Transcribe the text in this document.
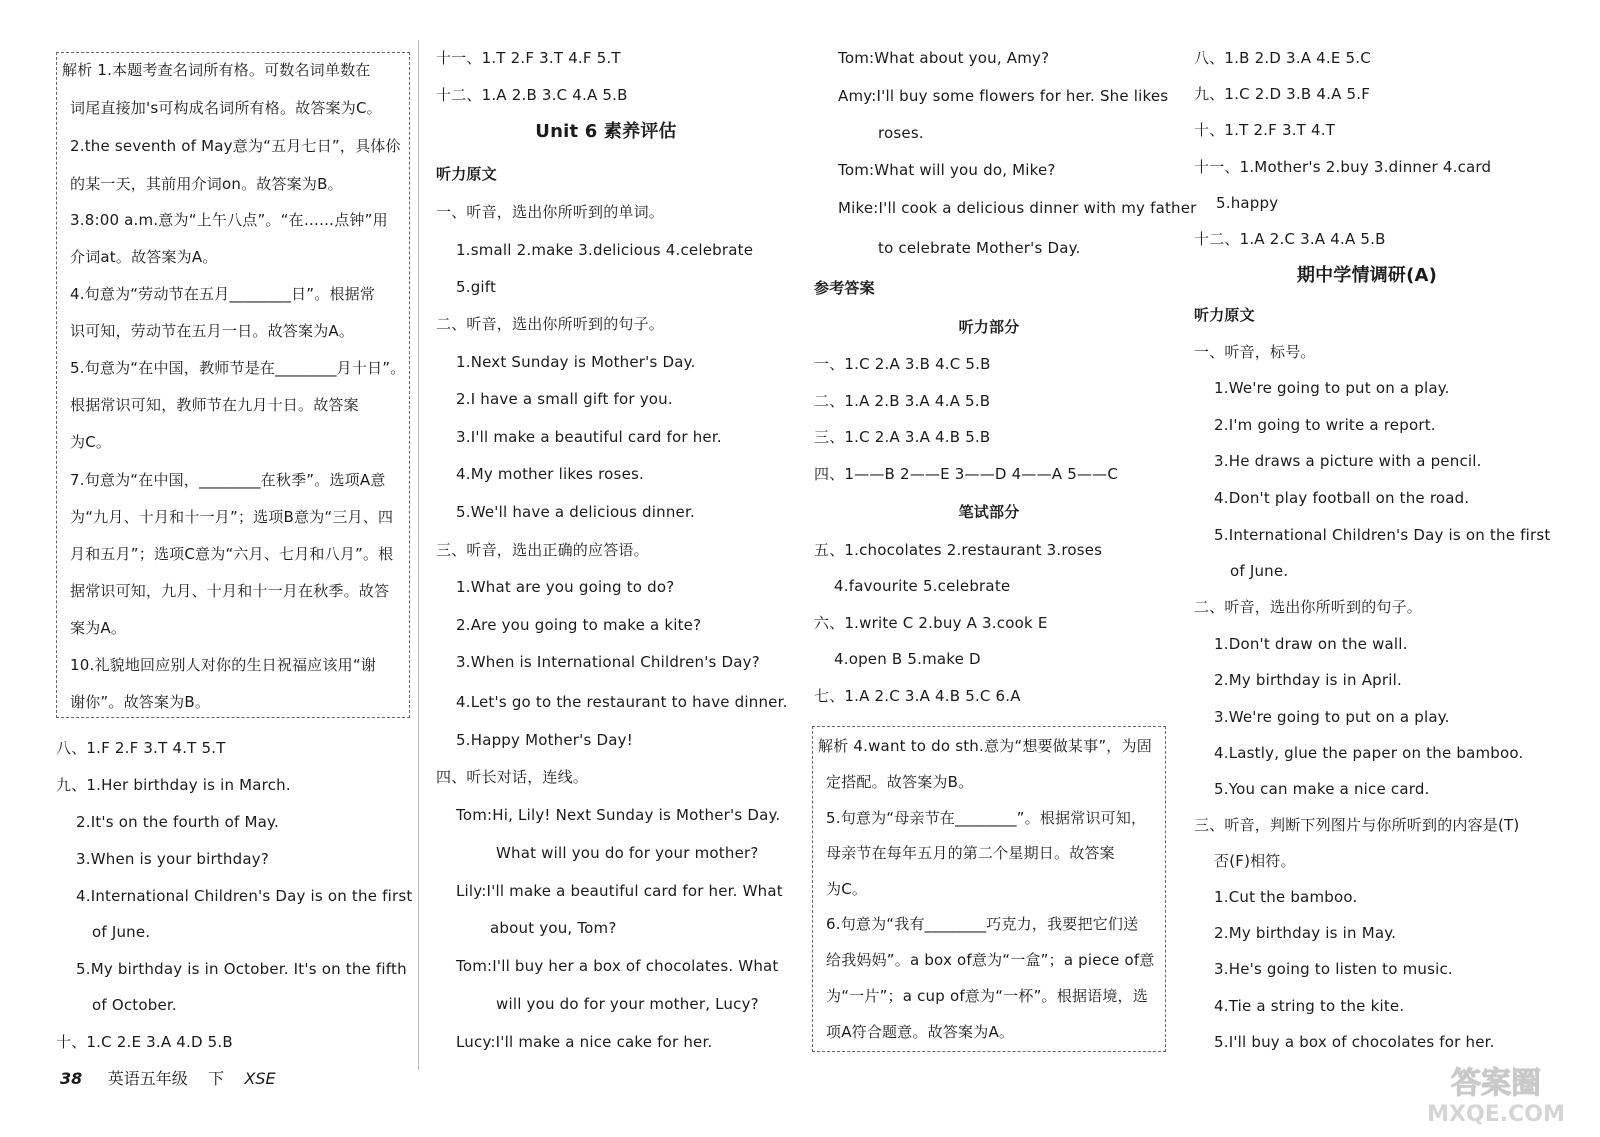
解析 1.本题考查名词所有格。可数名词单数在
词尾直接加's可构成名词所有格。故答案为C。
2.the seventh of May意为“五月七日”，具体伱
的某一天，其前用介词on。故答案为B。
3.8:00 a.m.意为“上午八点”。“在……点钟”用
介词at。故答案为A。
4.句意为“劳动节在五月________日”。根据常
识可知，劳动节在五月一日。故答案为A。
5.句意为“在中国，教师节是在________月十日”。
根据常识可知，教师节在九月十日。故答案
为C。
7.句意为“在中国，________在秋季”。选项A意
为“九月、十月和十一月”；选项B意为“三月、四
月和五月”；选项C意为“六月、七月和八月”。根
据常识可知，九月、十月和十一月在秋季。故答
案为A。
10.礼貌地回应别人对你的生日祝福应该用“谢
谢你”。故答案为B。
八、1.F 2.F 3.T 4.T 5.T
九、1.Her birthday is in March.
2.It's on the fourth of May.
3.When is your birthday?
4.International Children's Day is on the first
of June.
5.My birthday is in October. It's on the fifth
of October.
十、1.C 2.E 3.A 4.D 5.B
十一、1.T 2.F 3.T 4.F 5.T
十二、1.A 2.B 3.C 4.A 5.B
Unit 6 素养评估
听力原文
一、听音，选出你所听到的单词。
1.small 2.make 3.delicious 4.celebrate
5.gift
二、听音，选出你所听到的句子。
1.Next Sunday is Mother's Day.
2.I have a small gift for you.
3.I'll make a beautiful card for her.
4.My mother likes roses.
5.We'll have a delicious dinner.
三、听音，选出正确的应答语。
1.What are you going to do?
2.Are you going to make a kite?
3.When is International Children's Day?
4.Let's go to the restaurant to have dinner.
5.Happy Mother's Day!
四、听长对话，连线。
Tom:Hi, Lily! Next Sunday is Mother's Day.
What will you do for your mother?
Lily:I'll make a beautiful card for her. What
about you, Tom?
Tom:I'll buy her a box of chocolates. What
will you do for your mother, Lucy?
Lucy:I'll make a nice cake for her.
Tom:What about you, Amy?
Amy:I'll buy some flowers for her. She likes
roses.
Tom:What will you do, Mike?
Mike:I'll cook a delicious dinner with my father
to celebrate Mother's Day.
参考答案
听力部分
一、1.C 2.A 3.B 4.C 5.B
二、1.A 2.B 3.A 4.A 5.B
三、1.C 2.A 3.A 4.B 5.B
四、1——B 2——E 3——D 4——A 5——C
笔试部分
五、1.chocolates 2.restaurant 3.roses
4.favourite 5.celebrate
六、1.write C 2.buy A 3.cook E
4.open B 5.make D
七、1.A 2.C 3.A 4.B 5.C 6.A
解析 4.want to do sth.意为“想要做某事”，为固
定搭配。故答案为B。
5.句意为“母亲节在________”。根据常识可知，
母亲节在每年五月的第二个星期日。故答案
为C。
6.句意为“我有________巧克力，我要把它们送
给我妈妈”。a box of意为“一盒”；a piece of意
为“一片”；a cup of意为“一杯”。根据语境，选
项A符合题意。故答案为A。
八、1.B 2.D 3.A 4.E 5.C
九、1.C 2.D 3.B 4.A 5.F
十、1.T 2.F 3.T 4.T
十一、1.Mother's 2.buy 3.dinner 4.card
5.happy
十二、1.A 2.C 3.A 4.A 5.B
期中学情调研(A)
听力原文
一、听音，标号。
1.We're going to put on a play.
2.I'm going to write a report.
3.He draws a picture with a pencil.
4.Don't play football on the road.
5.International Children's Day is on the first
of June.
二、听音，选出你所听到的句子。
1.Don't draw on the wall.
2.My birthday is in April.
3.We're going to put on a play.
4.Lastly, glue the paper on the bamboo.
5.You can make a nice card.
三、听音，判断下列图片与你所听到的内容是(T)
否(F)相符。
1.Cut the bamboo.
2.My birthday is in May.
3.He's going to listen to music.
4.Tie a string to the kite.
5.I'll buy a box of chocolates for her.
38 英语五年级 下 XSE	答案圈
MXQE.COM
